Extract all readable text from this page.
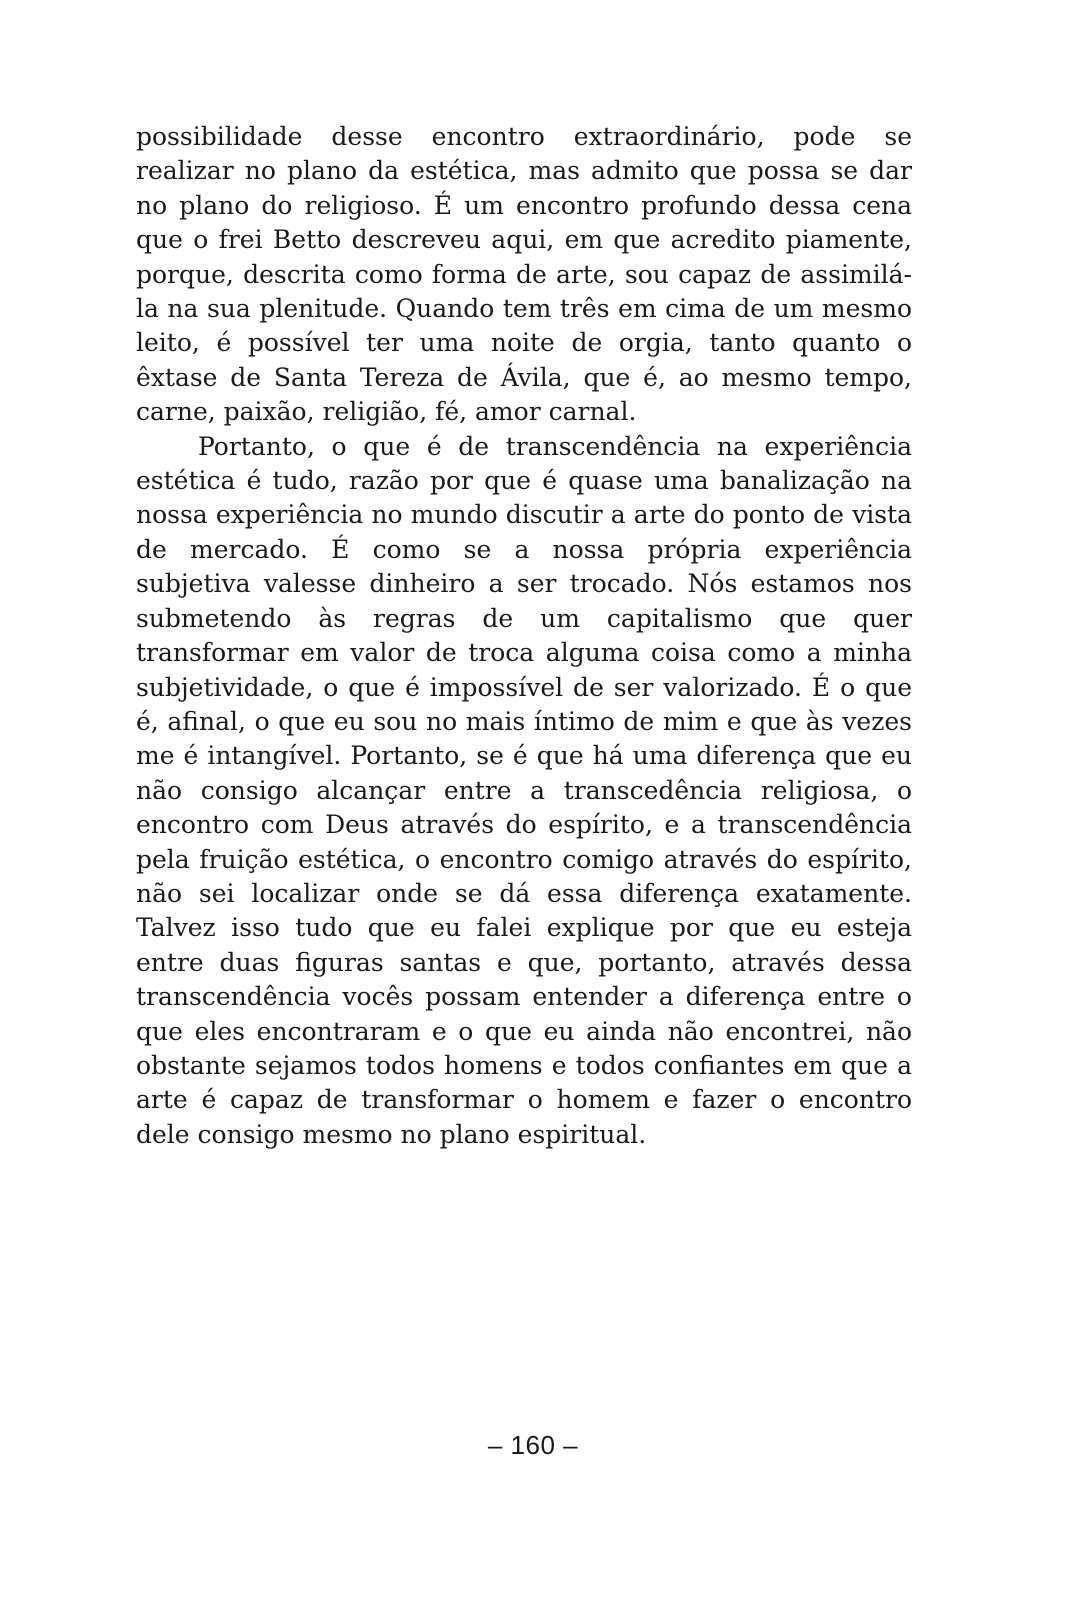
possibilidade desse encontro extraordinário, pode se realizar no plano da estética, mas admito que possa se dar no plano do religioso. É um encontro profundo dessa cena que o frei Betto descreveu aqui, em que acredito piamente, porque, descrita como forma de arte, sou capaz de assimilá-la na sua plenitude. Quando tem três em cima de um mesmo leito, é possível ter uma noite de orgia, tanto quanto o êxtase de Santa Tereza de Ávila, que é, ao mesmo tempo, carne, paixão, religião, fé, amor carnal.

Portanto, o que é de transcendência na experiência estética é tudo, razão por que é quase uma banalização na nossa experiência no mundo discutir a arte do ponto de vista de mercado. É como se a nossa própria experiência subjetiva valesse dinheiro a ser trocado. Nós estamos nos submetendo às regras de um capitalismo que quer transformar em valor de troca alguma coisa como a minha subjetividade, o que é impossível de ser valorizado. É o que é, afinal, o que eu sou no mais íntimo de mim e que às vezes me é intangível. Portanto, se é que há uma diferença que eu não consigo alcançar entre a transcedência religiosa, o encontro com Deus através do espírito, e a transcendência pela fruição estética, o encontro comigo através do espírito, não sei localizar onde se dá essa diferença exatamente. Talvez isso tudo que eu falei explique por que eu esteja entre duas figuras santas e que, portanto, através dessa transcendência vocês possam entender a diferença entre o que eles encontraram e o que eu ainda não encontrei, não obstante sejamos todos homens e todos confiantes em que a arte é capaz de transformar o homem e fazer o encontro dele consigo mesmo no plano espiritual.

– 160 –
